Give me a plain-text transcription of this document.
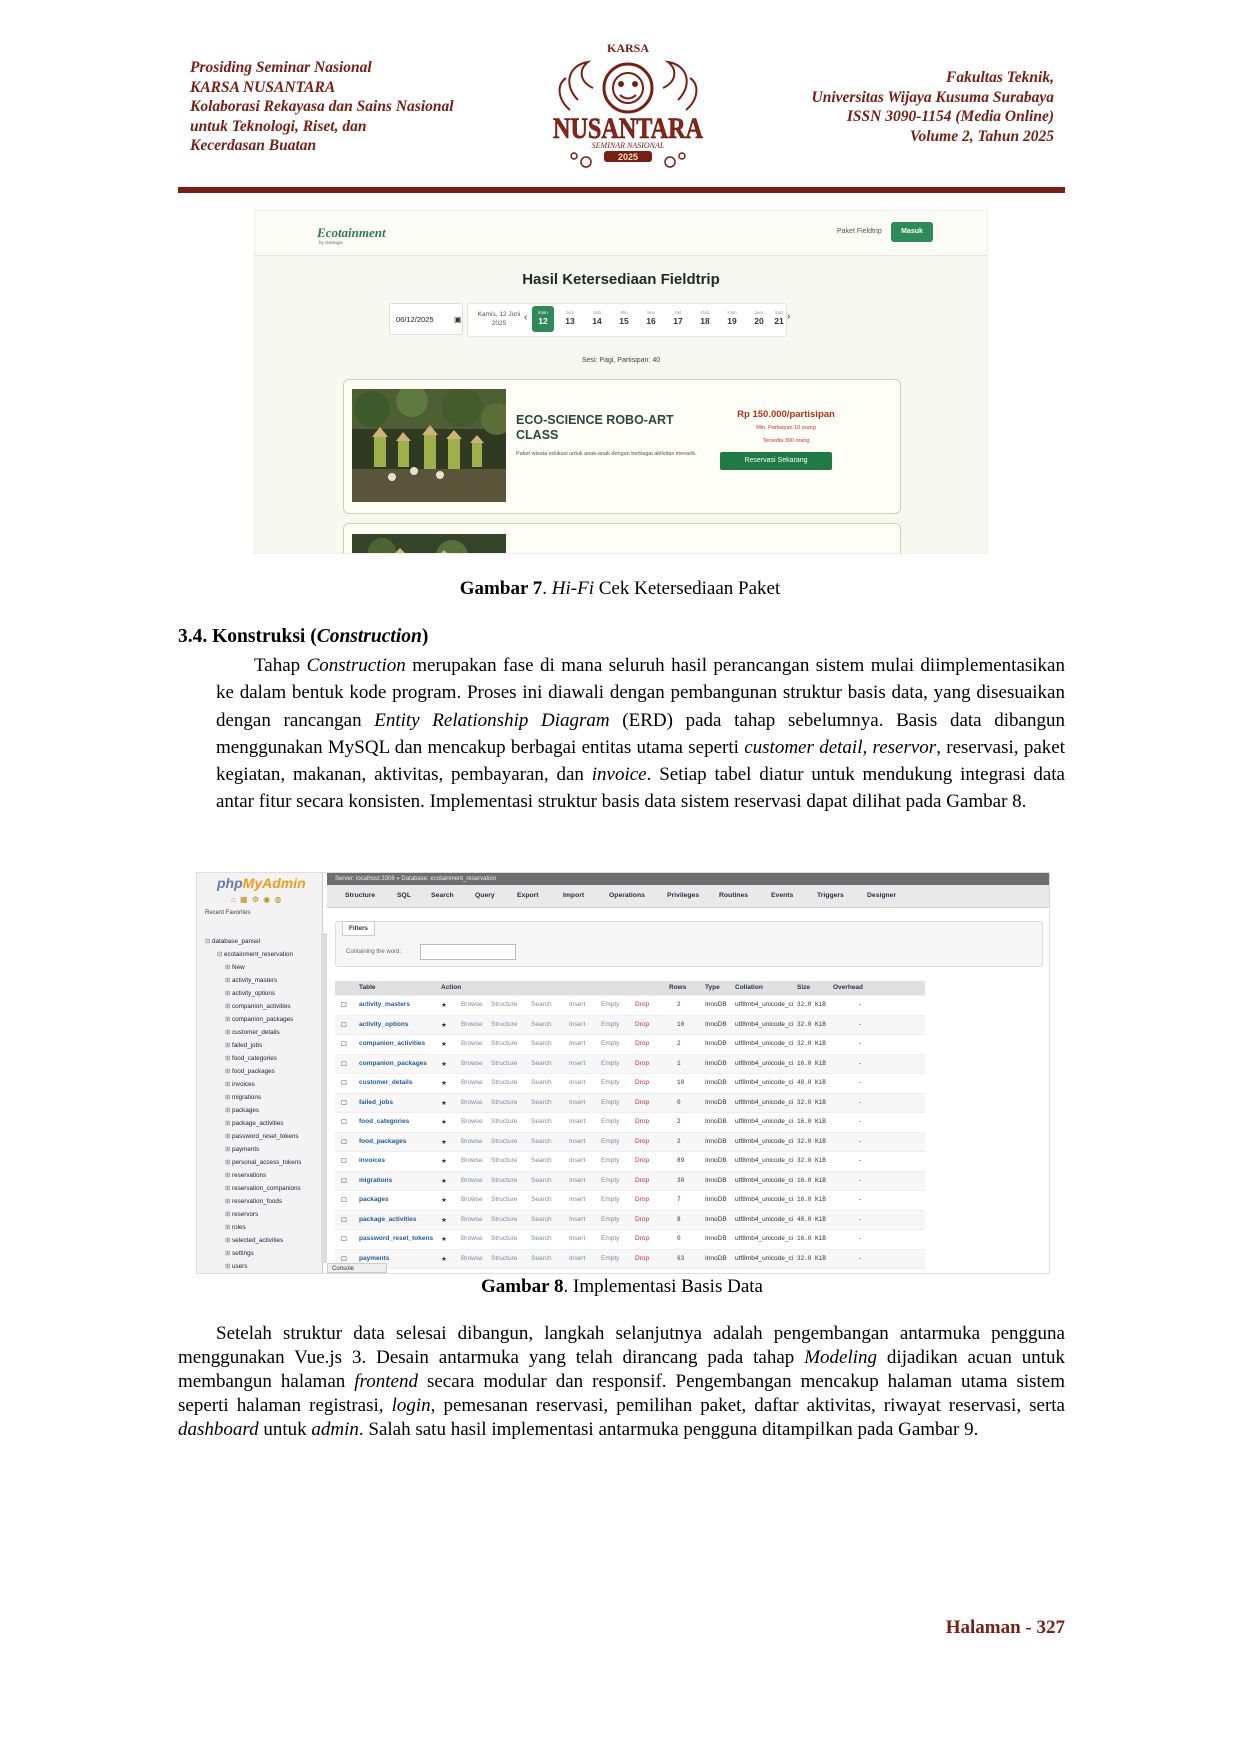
Prosiding Seminar Nasional
KARSA NUSANTARA
Kolaborasi Rekayasa dan Sains Nasional
untuk Teknologi, Riset, dan
Kecerdasan Buatan
KARSA
NUSANTARA
SEMINAR NASIONAL
2025
Fakultas Teknik,
Universitas Wijaya Kusuma Surabaya
ISSN 3090-1154 (Media Online)
Volume 2, Tahun 2025
Ecotainment
by Geologix
Paket Fieldtrip	Masuk
Hasil Ketersediaan Fieldtrip
06/12/2025	▣
Kamis, 12 Juni
2025
‹	Kam
12
Jum
13
Sab
14
Min
15
Sen
16
Sel
17
Rab
18
Kam
19
Jum
20
Sab
21 ›
Sesi: Pagi, Partisipan: 40
ECO-SCIENCE ROBO-ART CLASS
Paket wisata edukasi untuk anak-anak dengan berbagai aktivitas menarik.
Rp 150.000/partisipan
Min. Partisipan 10 orang
Tersedia 300 orang
Reservasi Sekarang
Gambar 7. Hi-Fi Cek Ketersediaan Paket
3.4. Konstruksi (Construction)
Tahap Construction merupakan fase di mana seluruh hasil perancangan sistem mulai diimplementasikan ke dalam bentuk kode program. Proses ini diawali dengan pembangunan struktur basis data, yang disesuaikan dengan rancangan Entity Relationship Diagram (ERD) pada tahap sebelumnya. Basis data dibangun menggunakan MySQL dan mencakup berbagai entitas utama seperti customer detail, reservor, reservasi, paket kegiatan, makanan, aktivitas, pembayaran, dan invoice. Setiap tabel diatur untuk mendukung integrasi data antar fitur secara konsisten. Implementasi struktur basis data sistem reservasi dapat dilihat pada Gambar 8.
phpMyAdmin
⌂ ▦ ⚙ ◉ ◍
Recent Favorites
⊟ database_pansel
⊟ ecotainment_reservation
⊞ New
⊞ activity_masters
⊞ activity_options
⊞ companion_activities
⊞ companion_packages
⊞ customer_details
⊞ failed_jobs
⊞ food_categories
⊞ food_packages
⊞ invoices
⊞ migrations
⊞ packages
⊞ package_activities
⊞ password_reset_tokens
⊞ payments
⊞ personal_access_tokens
⊞ reservations
⊞ reservation_companions
⊞ reservation_foods
⊞ reservors
⊞ roles
⊞ selected_activities
⊞ settings
⊞ users
Server: localhost:3306 » Database: ecotainment_reservation
Structure	SQL	Search	Query	Export	Import	Operations	Privileges	Routines	Events	Triggers	Designer
Filters
Containing the word:
Table	Action	Rows	Type Collation	Size	Overhead
☐ activity_masters	★ Browse Structure Search	Insert Empty Drop	2	InnoDB utf8mb4_unicode_ci 32.0 KiB	-
☐ activity_options	★ Browse Structure Search	Insert Empty Drop	10	InnoDB utf8mb4_unicode_ci 32.0 KiB	-
☐ companion_activities ★ Browse Structure Search	Insert Empty Drop	2	InnoDB utf8mb4_unicode_ci 32.0 KiB	-
☐ companion_packages ★ Browse Structure Search	Insert Empty Drop	1	InnoDB utf8mb4_unicode_ci 16.0 KiB	-
☐ customer_details	★ Browse Structure Search	Insert Empty Drop	10	InnoDB utf8mb4_unicode_ci 48.0 KiB	-
☐ failed_jobs	★ Browse Structure Search	Insert Empty Drop	0	InnoDB utf8mb4_unicode_ci 32.0 KiB	-
☐ food_categories	★ Browse Structure Search	Insert Empty Drop	2	InnoDB utf8mb4_unicode_ci 16.0 KiB	-
☐ food_packages	★ Browse Structure Search	Insert Empty Drop	2	InnoDB utf8mb4_unicode_ci 32.0 KiB	-
☐ invoices	★ Browse Structure Search	Insert Empty Drop	89	InnoDB utf8mb4_unicode_ci 32.0 KiB	-
☐ migrations	★ Browse Structure Search	Insert Empty Drop	30	InnoDB utf8mb4_unicode_ci 16.0 KiB	-
☐ packages	★ Browse Structure Search	Insert Empty Drop	7	InnoDB utf8mb4_unicode_ci 16.0 KiB	-
☐ package_activities	★ Browse Structure Search	Insert Empty Drop	8	InnoDB utf8mb4_unicode_ci 48.0 KiB	-
☐ password_reset_tokens ★ Browse Structure Search	Insert Empty Drop	0	InnoDB utf8mb4_unicode_ci 16.0 KiB	-
☐ payments	★ Browse Structure Search	Insert Empty Drop	63	InnoDB utf8mb4_unicode_ci 32.0 KiB	-
Console
Gambar 8. Implementasi Basis Data
Setelah struktur data selesai dibangun, langkah selanjutnya adalah pengembangan antarmuka pengguna menggunakan Vue.js 3. Desain antarmuka yang telah dirancang pada tahap Modeling dijadikan acuan untuk membangun halaman frontend secara modular dan responsif. Pengembangan mencakup halaman utama sistem seperti halaman registrasi, login, pemesanan reservasi, pemilihan paket, daftar aktivitas, riwayat reservasi, serta dashboard untuk admin. Salah satu hasil implementasi antarmuka pengguna ditampilkan pada Gambar 9.
Halaman - 327
